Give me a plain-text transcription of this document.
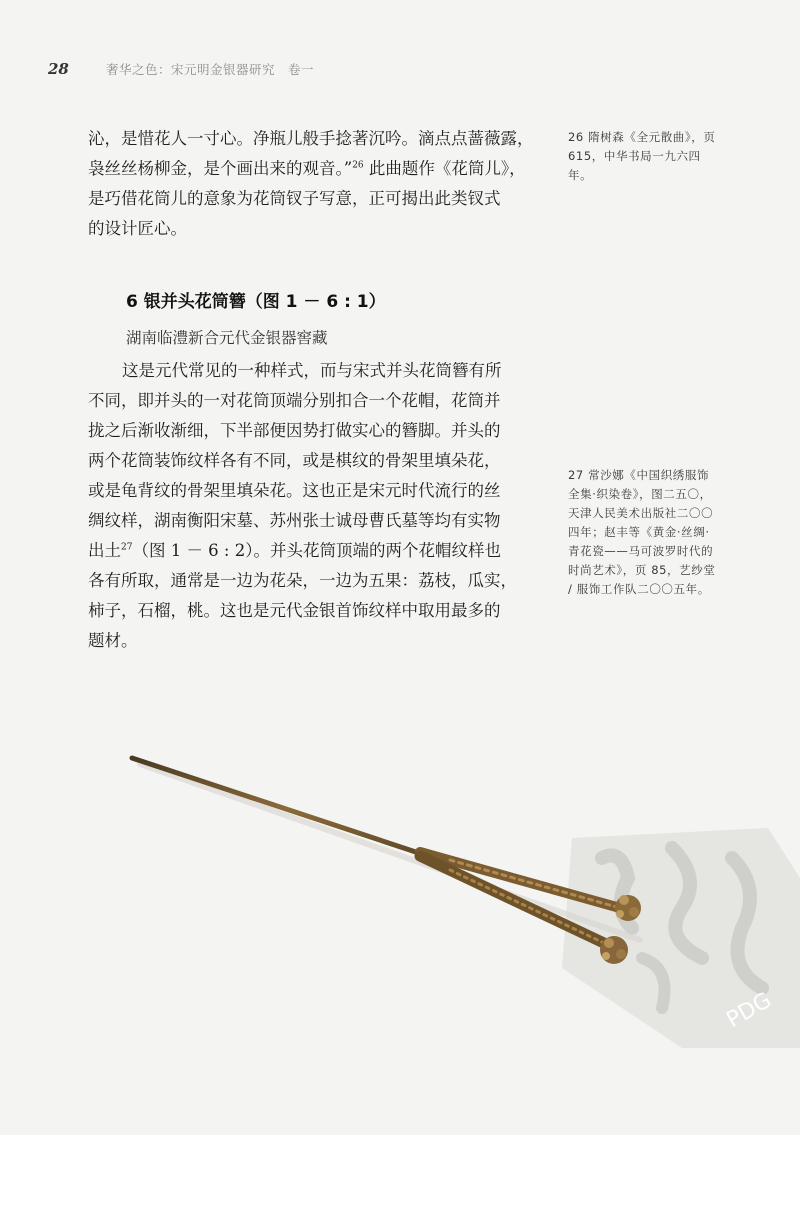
28	奢华之色：宋元明金银器研究　卷一

沁，是惜花人一寸心。净瓶儿般手捻著沉吟。滴点点蔷薇露，

袅丝丝杨柳金，是个画出来的观音。”$^{26}$ 此曲题作《花筒儿》，

是巧借花筒儿的意象为花筒钗子写意，正可揭出此类钗式

的设计匠心。

26 隋树森《全元散曲》，页 615，中华书局一九六四年。
6 银并头花筒簪（图 1 － 6 : 1）
湖南临澧新合元代金银器窖藏

这是元代常见的一种样式，而与宋式并头花筒簪有所

不同，即并头的一对花筒顶端分别扣合一个花帽，花筒并

拢之后渐收渐细，下半部便因势打做实心的簪脚。并头的

两个花筒装饰纹样各有不同，或是棋纹的骨架里填朵花，

或是龟背纹的骨架里填朵花。这也正是宋元时代流行的丝

绸纹样，湖南衡阳宋墓、苏州张士诚母曹氏墓等均有实物

出土$^{27}$（图 1 － 6 : 2）。并头花筒顶端的两个花帽纹样也

各有所取，通常是一边为花朵，一边为五果：荔枝，瓜实，

柿子，石榴，桃。这也是元代金银首饰纹样中取用最多的

题材。

27 常沙娜《中国织绣服饰全集·织染卷》，图二五〇，天津人民美术出版社二〇〇四年；赵丰等《黄金·丝绸·青花瓷——马可波罗时代的时尚艺术》，页 85，艺纱堂 / 服饰工作队二〇〇五年。
PDG
